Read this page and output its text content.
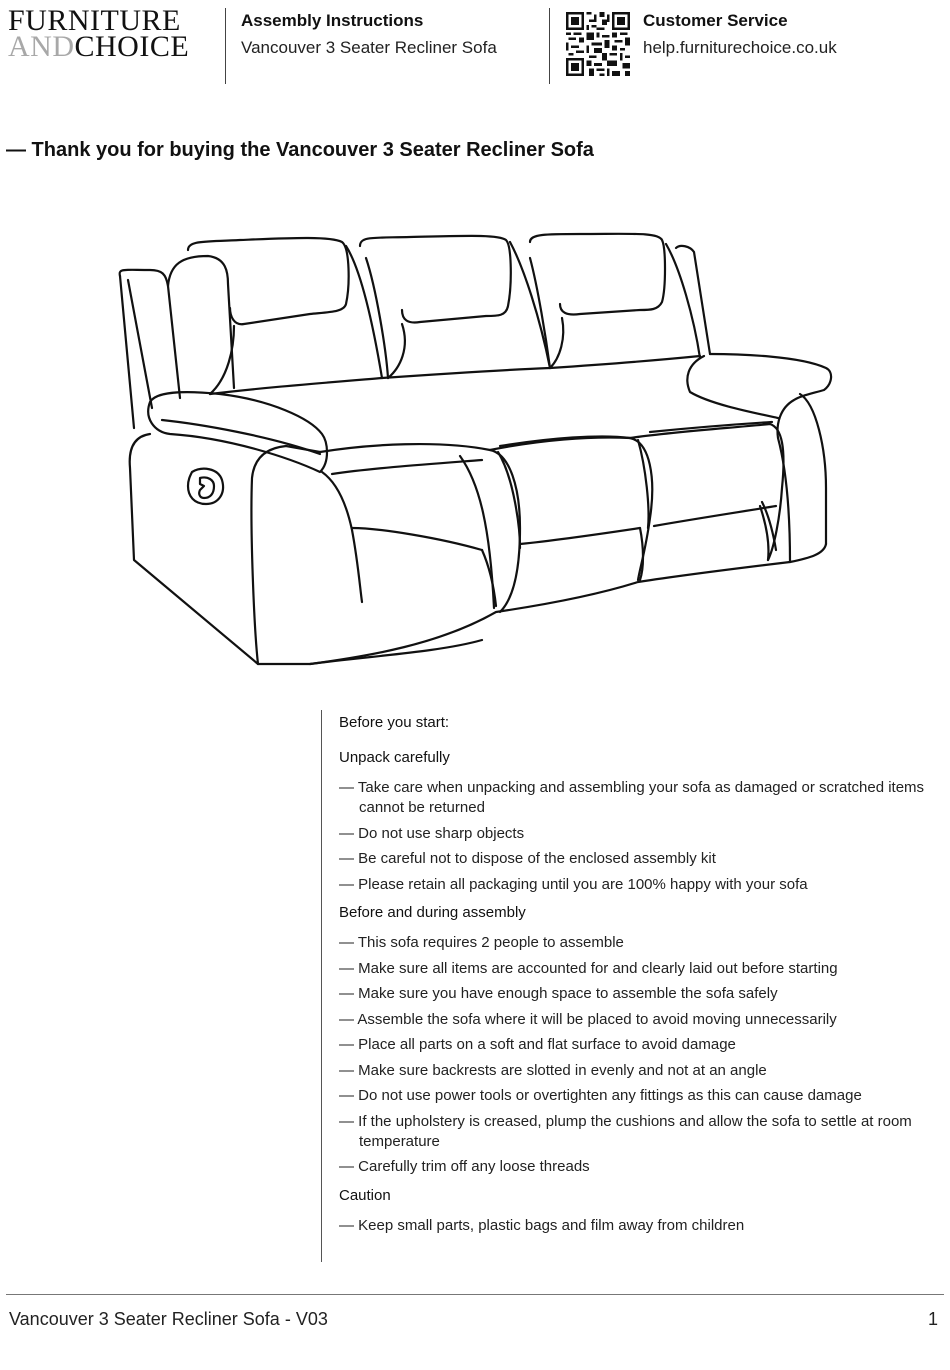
FURNITURE
ANDCHOICE
Assembly Instructions
Vancouver 3 Seater Recliner Sofa
Customer Service
help.furniturechoice.co.uk
— Thank you for buying the Vancouver 3 Seater Recliner Sofa
Before you start:
Unpack carefully
— Take care when unpacking and assembling your sofa as damaged or scratched items cannot be returned
— Do not use sharp objects
— Be careful not to dispose of the enclosed assembly kit
— Please retain all packaging until you are 100% happy with your sofa
Before and during assembly
— This sofa requires 2 people to assemble
— Make sure all items are accounted for and clearly laid out before starting
— Make sure you have enough space to assemble the sofa safely
— Assemble the sofa where it will be placed to avoid moving unnecessarily
— Place all parts on a soft and flat surface to avoid damage
— Make sure backrests are slotted in evenly and not at an angle
— Do not use power tools or overtighten any fittings as this can cause damage
— If the upholstery is creased, plump the cushions and allow the sofa to settle at room temperature
— Carefully trim off any loose threads
Caution
— Keep small parts, plastic bags and film away from children
Vancouver 3 Seater Recliner Sofa - V03	1
